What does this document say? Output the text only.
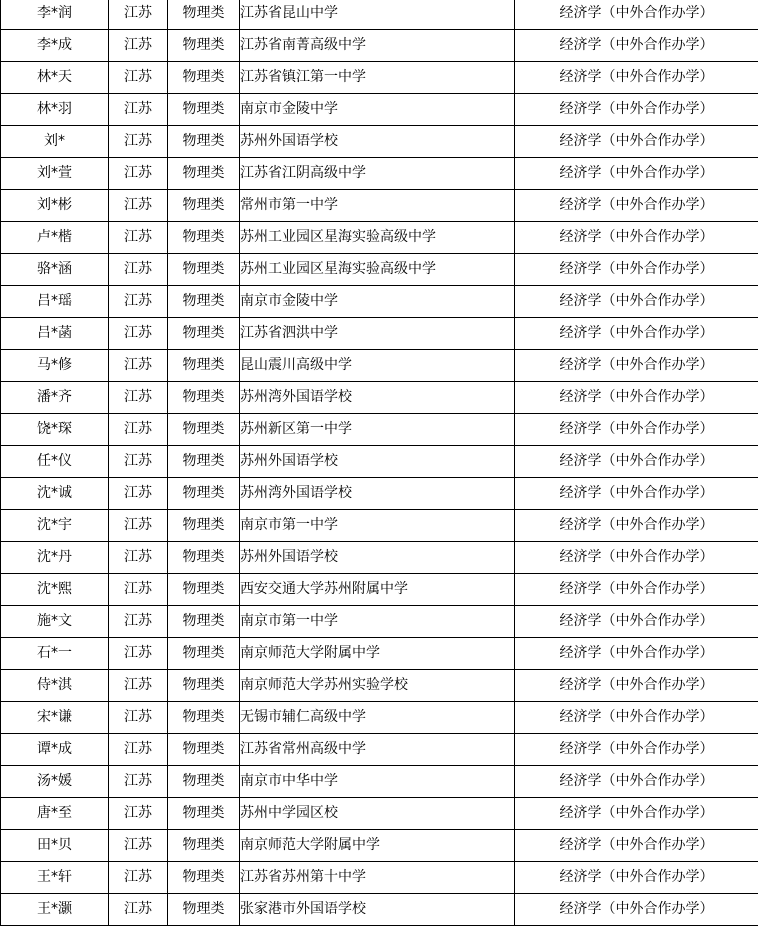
李*润	江苏	物理类	江苏省昆山中学	经济学（中外合作办学）
李*成	江苏	物理类	江苏省南菁高级中学	经济学（中外合作办学）
林*天	江苏	物理类	江苏省镇江第一中学	经济学（中外合作办学）
林*羽	江苏	物理类	南京市金陵中学	经济学（中外合作办学）
刘*	江苏	物理类	苏州外国语学校	经济学（中外合作办学）
刘*萱	江苏	物理类	江苏省江阴高级中学	经济学（中外合作办学）
刘*彬	江苏	物理类	常州市第一中学	经济学（中外合作办学）
卢*楷	江苏	物理类	苏州工业园区星海实验高级中学	经济学（中外合作办学）
骆*涵	江苏	物理类	苏州工业园区星海实验高级中学	经济学（中外合作办学）
吕*瑶	江苏	物理类	南京市金陵中学	经济学（中外合作办学）
吕*菡	江苏	物理类	江苏省泗洪中学	经济学（中外合作办学）
马*修	江苏	物理类	昆山震川高级中学	经济学（中外合作办学）
潘*齐	江苏	物理类	苏州湾外国语学校	经济学（中外合作办学）
饶*琛	江苏	物理类	苏州新区第一中学	经济学（中外合作办学）
任*仪	江苏	物理类	苏州外国语学校	经济学（中外合作办学）
沈*诚	江苏	物理类	苏州湾外国语学校	经济学（中外合作办学）
沈*宇	江苏	物理类	南京市第一中学	经济学（中外合作办学）
沈*丹	江苏	物理类	苏州外国语学校	经济学（中外合作办学）
沈*熙	江苏	物理类	西安交通大学苏州附属中学	经济学（中外合作办学）
施*文	江苏	物理类	南京市第一中学	经济学（中外合作办学）
石*一	江苏	物理类	南京师范大学附属中学	经济学（中外合作办学）
侍*淇	江苏	物理类	南京师范大学苏州实验学校	经济学（中外合作办学）
宋*谦	江苏	物理类	无锡市辅仁高级中学	经济学（中外合作办学）
谭*成	江苏	物理类	江苏省常州高级中学	经济学（中外合作办学）
汤*媛	江苏	物理类	南京市中华中学	经济学（中外合作办学）
唐*至	江苏	物理类	苏州中学园区校	经济学（中外合作办学）
田*贝	江苏	物理类	南京师范大学附属中学	经济学（中外合作办学）
王*轩	江苏	物理类	江苏省苏州第十中学	经济学（中外合作办学）
王*灏	江苏	物理类	张家港市外国语学校	经济学（中外合作办学）
